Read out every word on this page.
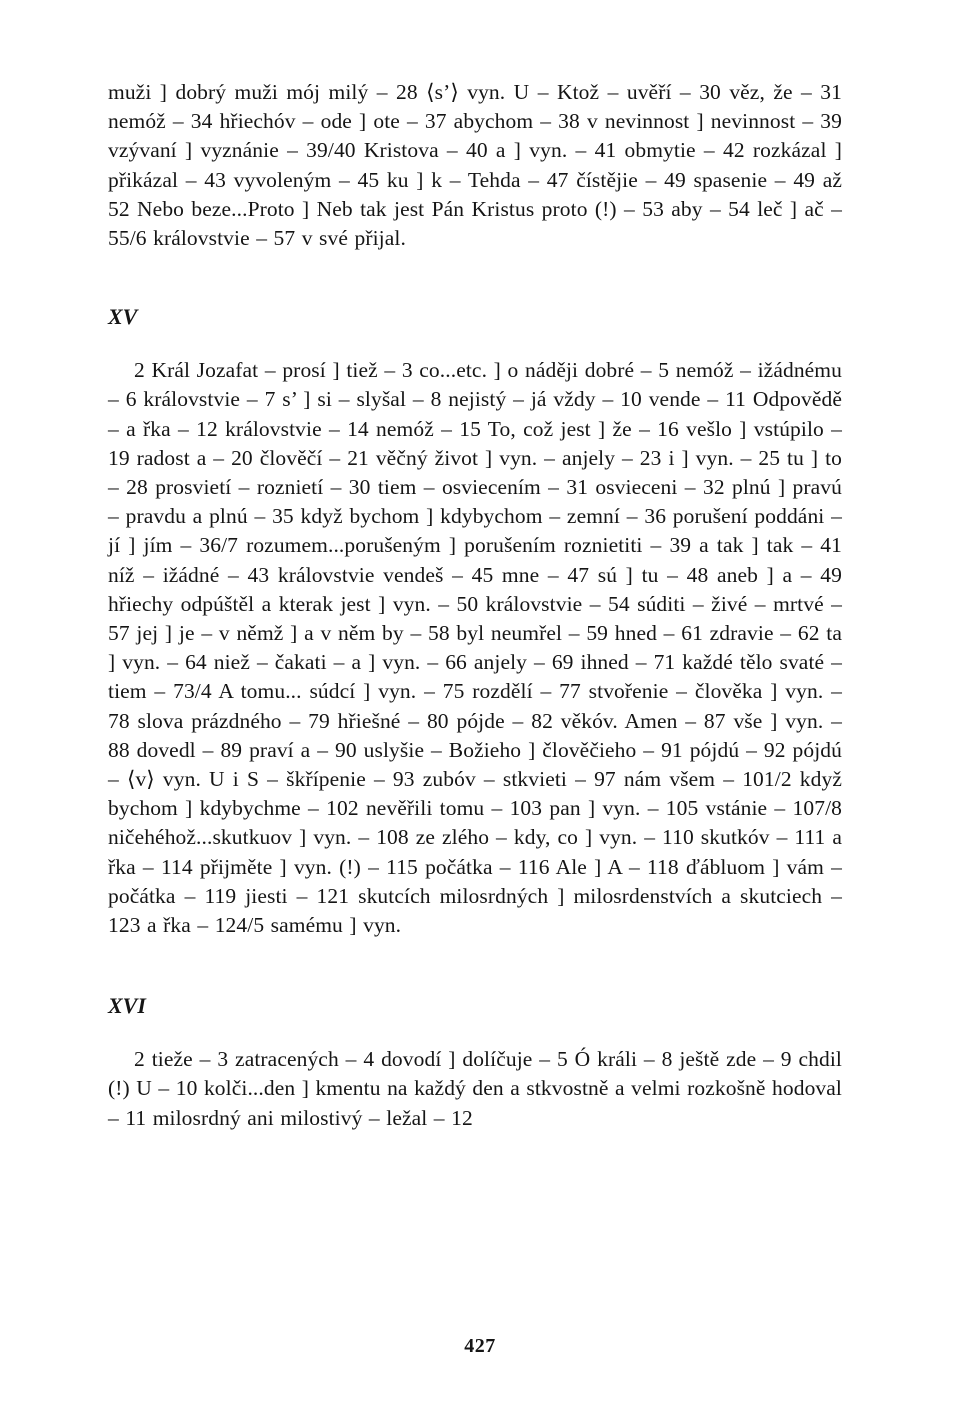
muži ] dobrý muži mój milý – 28 ⟨s’⟩ vyn. U – Ktož – uvěří – 30 věz, že – 31 nemóž – 34 hřiechóv – ode ] ote – 37 abychom – 38 v nevinnost ] nevinnost – 39 vzývaní ] vyznánie – 39/40 Kristova – 40 a ] vyn. – 41 obmytie – 42 rozkázal ] přikázal – 43 vyvoleným – 45 ku ] k – Tehda – 47 čístějie – 49 spasenie – 49 až 52 Nebo beze...Proto ] Neb tak jest Pán Kristus proto (!) – 53 aby – 54 leč ] ač – 55/6 královstvie – 57 v své přijal.

XV

2 Král Jozafat – prosí ] tiež – 3 co...etc. ] o náději dobré – 5 nemóž – ižádnému – 6 královstvie – 7 s’ ] si – slyšal – 8 nejistý – já vždy – 10 vende – 11 Odpovědě – a řka – 12 královstvie – 14 nemóž – 15 To, což jest ] že – 16 vešlo ] vstúpilo – 19 radost a – 20 člověčí – 21 věčný život ] vyn. – anjely – 23 i ] vyn. – 25 tu ] to – 28 prosvietí – roznietí – 30 tiem – osviecením – 31 osvieceni – 32 plnú ] pravú – pravdu a plnú – 35 když bychom ] kdybychom – zemní – 36 porušení poddáni – jí ] jím – 36/7 rozumem...porušeným ] porušením roznietiti – 39 a tak ] tak – 41 níž – ižádné – 43 královstvie vendeš – 45 mne – 47 sú ] tu – 48 aneb ] a – 49 hřiechy odpúštěl a kterak jest ] vyn. – 50 královstvie – 54 súditi – živé – mrtvé – 57 jej ] je – v němž ] a v něm by – 58 byl neumřel – 59 hned – 61 zdravie – 62 ta ] vyn. – 64 niež – čakati – a ] vyn. – 66 anjely – 69 ihned – 71 každé tělo svaté – tiem – 73/4 A tomu... súdcí ] vyn. – 75 rozdělí – 77 stvořenie – člověka ] vyn. – 78 slova prázdného – 79 hřiešné – 80 pójde – 82 věkóv. Amen – 87 vše ] vyn. – 88 dovedl – 89 praví a – 90 uslyšie – Božieho ] člověčieho – 91 pójdú – 92 pójdú – ⟨v⟩ vyn. U i S – škřípenie – 93 zubóv – stkvieti – 97 nám všem – 101/2 když bychom ] kdybychme – 102 nevěřili tomu – 103 pan ] vyn. – 105 vstánie – 107/8 ničehéhož...skutkuov ] vyn. – 108 ze zlého – kdy, co ] vyn. – 110 skutkóv – 111 a řka – 114 přijměte ] vyn. (!) – 115 počátka – 116 Ale ] A – 118 ďábluom ] vám – počátka – 119 jiesti – 121 skutcích milosrdných ] milosrdenstvích a skutciech – 123 a řka – 124/5 samému ] vyn.

XVI

2 tieže – 3 zatracených – 4 dovodí ] dolíčuje – 5 Ó králi – 8 ještě zde – 9 chdil (!) U – 10 kolči...den ] kmentu na každý den a stkvostně a velmi rozkošně hodoval – 11 milosrdný ani milostivý – ležal – 12

427
